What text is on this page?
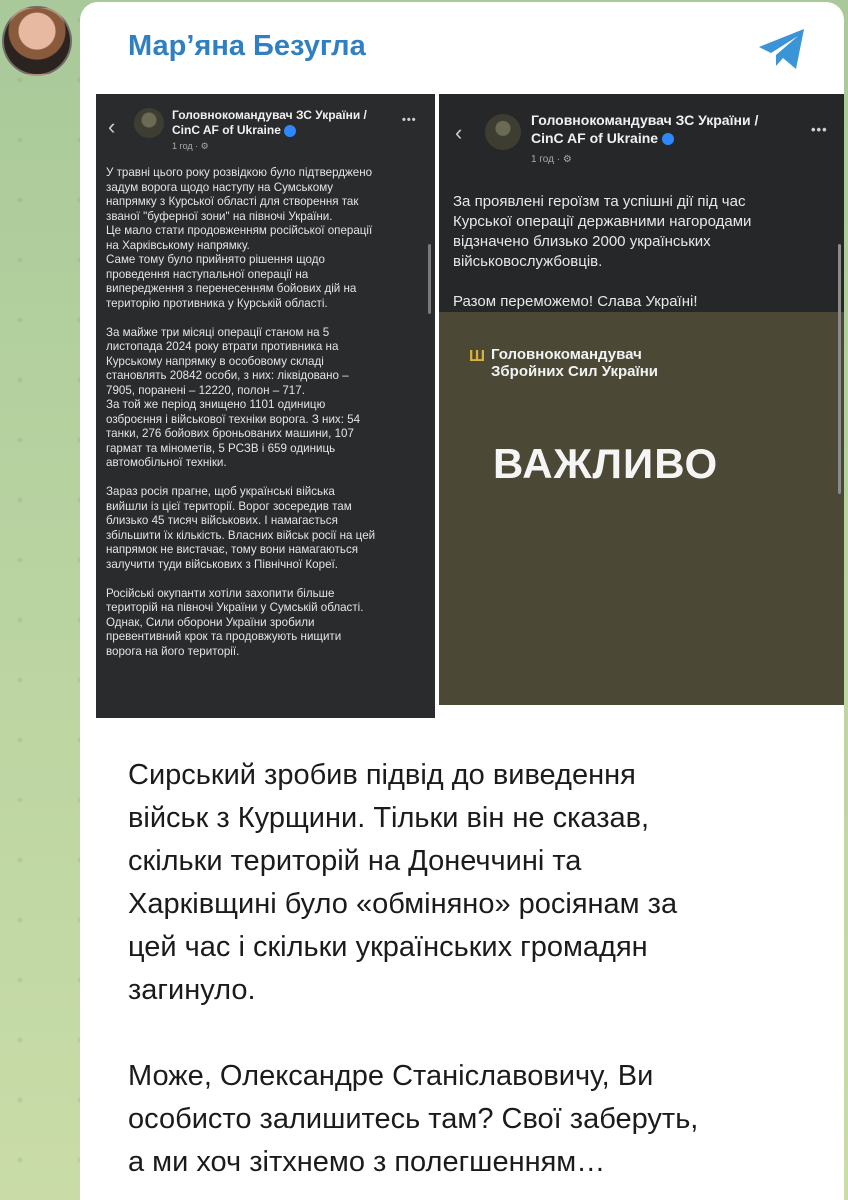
Мар’яна Безугла
‹	Головнокомандувач ЗС України /
CinC AF of Ukraine
1 год · ⚙
•••
У травні цього року розвідкою було підтверджено
задум ворога щодо наступу на Сумському
напрямку з Курської області для створення так
званої "буферної зони" на півночі України.
Це мало стати продовженням російської операції
на Харківському напрямку.
Саме тому було прийнято рішення щодо
проведення наступальної операції на
випередження з перенесенням бойових дій на
територію противника у Курській області.

За майже три місяці операції станом на 5
листопада 2024 року втрати противника на
Курському напрямку в особовому складі
становлять 20842 особи, з них: ліквідовано –
7905, поранені – 12220, полон – 717.
За той же період знищено 1101 одиницю
озброєння і військової техніки ворога. З них: 54
танки, 276 бойових броньованих машини, 107
гармат та мінометів, 5 РСЗВ і 659 одиниць
автомобільної техніки.

Зараз росія прагне, щоб українські війська
вийшли із цієї території. Ворог зосередив там
близько 45 тисяч військових. І намагається
збільшити їх кількість. Власних військ росії на цей
напрямок не вистачає, тому вони намагаються
залучити туди військових з Північної Кореї.

Російські окупанти хотіли захопити більше
територій на півночі України у Сумській області.
Однак, Сили оборони України зробили
превентивний крок та продовжують нищити
ворога на його території.
‹	Головнокомандувач ЗС України /
CinC AF of Ukraine
1 год · ⚙
•••
За проявлені героїзм та успішні дії під час
Курської операції державними нагородами
відзначено близько 2000 українських
військовослужбовців.

Разом переможемо! Слава Україні!
Ш Головнокомандувач
Збройних Сил України
ВАЖЛИВО
Сирський зробив підвід до виведення
військ з Курщини. Тільки він не сказав,
скільки територій на Донеччині та
Харківщині було «обміняно» росіянам за
цей час і скільки українських громадян
загинуло.

Може, Олександре Станіславовичу, Ви
особисто залишитесь там? Свої заберуть,
а ми хоч зітхнемо з полегшенням…
